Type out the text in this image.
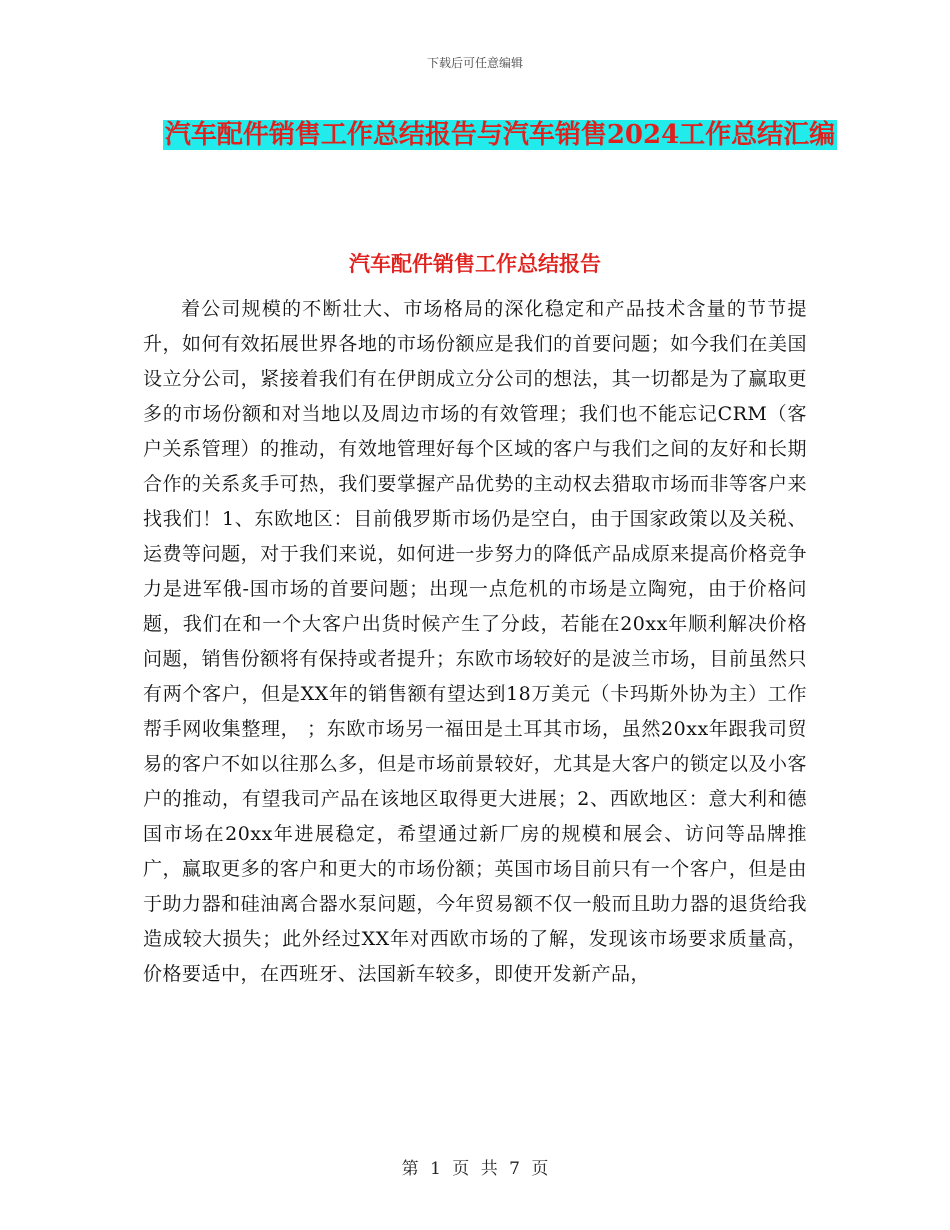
下载后可任意编辑
汽车配件销售工作总结报告与汽车销售2024工作总结汇编
汽车配件销售工作总结报告

着公司规模的不断壮大、市场格局的深化稳定和产品技术含量的节节提升，如何有效拓展世界各地的市场份额应是我们的首要问题；如今我们在美国设立分公司，紧接着我们有在伊朗成立分公司的想法，其一切都是为了赢取更多的市场份额和对当地以及周边市场的有效管理；我们也不能忘记CRM（客户关系管理）的推动，有效地管理好每个区域的客户与我们之间的友好和长期合作的关系炙手可热，我们要掌握产品优势的主动权去猎取市场而非等客户来找我们！1、东欧地区：目前俄罗斯市场仍是空白，由于国家政策以及关税、运费等问题，对于我们来说，如何进一步努力的降低产品成原来提高价格竞争力是进军俄-国市场的首要问题；出现一点危机的市场是立陶宛，由于价格问题，我们在和一个大客户出货时候产生了分歧，若能在20xx年顺利解决价格问题，销售份额将有保持或者提升；东欧市场较好的是波兰市场，目前虽然只有两个客户，但是XX年的销售额有望达到18万美元（卡玛斯外协为主）工作帮手网收集整理， ；东欧市场另一福田是土耳其市场，虽然20xx年跟我司贸易的客户不如以往那么多，但是市场前景较好，尤其是大客户的锁定以及小客户的推动，有望我司产品在该地区取得更大进展；2、西欧地区：意大利和德国市场在20xx年进展稳定，希望通过新厂房的规模和展会、访问等品牌推广，赢取更多的客户和更大的市场份额；英国市场目前只有一个客户，但是由于助力器和硅油离合器水泵问题，今年贸易额不仅一般而且助力器的退货给我造成较大损失；此外经过XX年对西欧市场的了解，发现该市场要求质量高，价格要适中，在西班牙、法国新车较多，即使开发新产品，

第 1 页 共 7 页
